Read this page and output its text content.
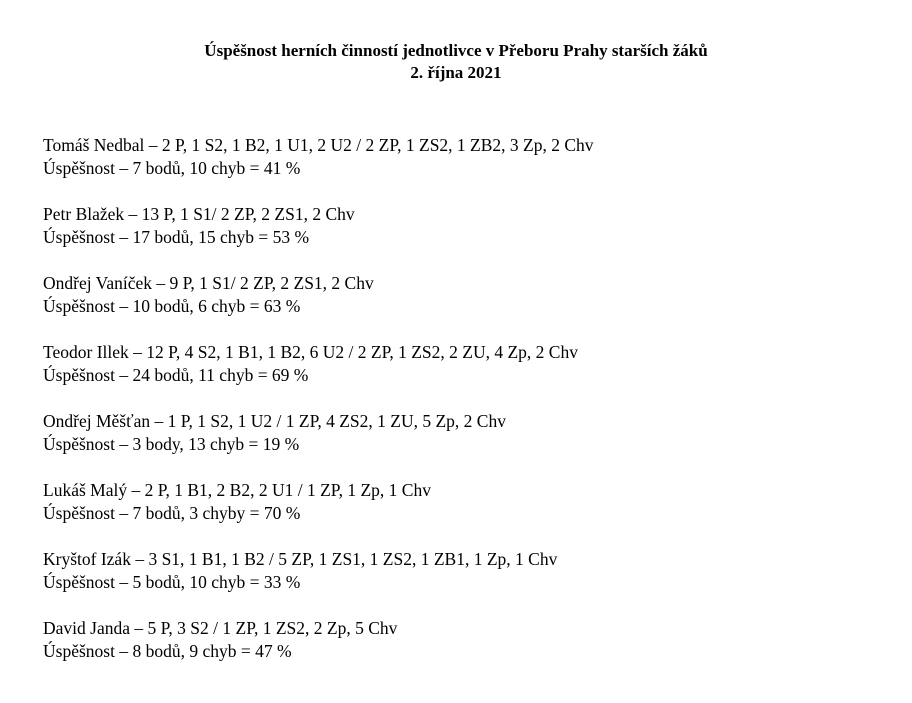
Úspěšnost herních činností jednotlivce v Přeboru Prahy starších žáků
2. října 2021
Tomáš Nedbal – 2 P, 1 S2, 1 B2, 1 U1, 2 U2 / 2 ZP, 1 ZS2, 1 ZB2, 3 Zp, 2 Chv
Úspěšnost – 7 bodů, 10 chyb = 41 %
Petr Blažek – 13 P, 1 S1/ 2 ZP, 2 ZS1, 2 Chv
Úspěšnost – 17 bodů, 15 chyb = 53 %
Ondřej Vaníček – 9 P, 1 S1/ 2 ZP, 2 ZS1, 2 Chv
Úspěšnost – 10 bodů, 6 chyb = 63 %
Teodor Illek – 12 P, 4 S2, 1 B1, 1 B2, 6 U2 / 2 ZP, 1 ZS2, 2 ZU, 4 Zp, 2 Chv
Úspěšnost – 24 bodů, 11 chyb = 69 %
Ondřej Měšťan – 1 P, 1 S2, 1 U2 / 1 ZP, 4 ZS2, 1 ZU, 5 Zp, 2 Chv
Úspěšnost – 3 body, 13 chyb = 19 %
Lukáš Malý – 2 P, 1 B1, 2 B2, 2 U1 / 1 ZP, 1 Zp, 1 Chv
Úspěšnost – 7 bodů, 3 chyby = 70 %
Kryštof Izák – 3 S1, 1 B1, 1 B2 / 5 ZP, 1 ZS1, 1 ZS2, 1 ZB1, 1 Zp, 1 Chv
Úspěšnost – 5 bodů, 10 chyb = 33 %
David Janda – 5 P, 3 S2 / 1 ZP, 1 ZS2, 2 Zp, 5 Chv
Úspěšnost – 8 bodů, 9 chyb = 47 %
